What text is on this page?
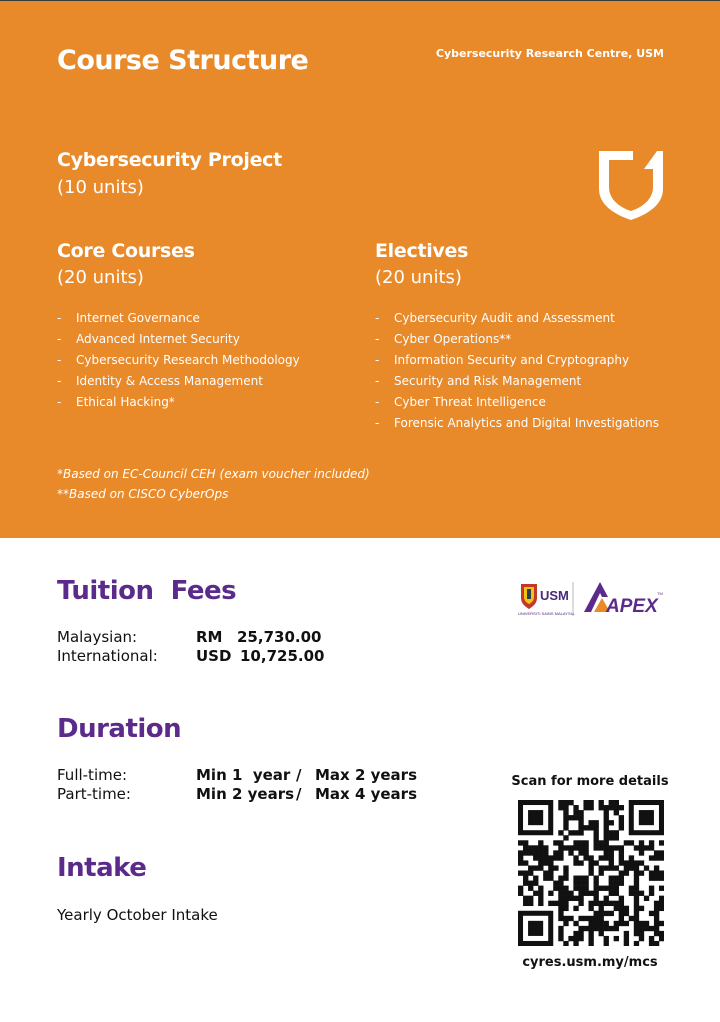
Course Structure	Cybersecurity Research Centre, USM
Cybersecurity Project
(10 units)
Core Courses
(20 units)
Electives
(20 units)
- Internet Governance
- Advanced Internet Security
- Cybersecurity Research Methodology
- Identity & Access Management
- Ethical Hacking*
- Cybersecurity Audit and Assessment
- Cyber Operations**
- Information Security and Cryptography
- Security and Risk Management
- Cyber Threat Intelligence
- Forensic Analytics and Digital Investigations
*Based on EC-Council CEH (exam voucher included)
**Based on CISCO CyberOps
Tuition  Fees	USM
UNIVERSITI SAINS MALAYSIA APEX
TM
Malaysian:	RM 25,730.00
International:	USD 10,725.00
Duration
Full-time:	Min 1  year / Max 2 years
Part-time:	Min 2 years / Max 4 years
Intake
Yearly October Intake
Scan for more details
cyres.usm.my/mcs
